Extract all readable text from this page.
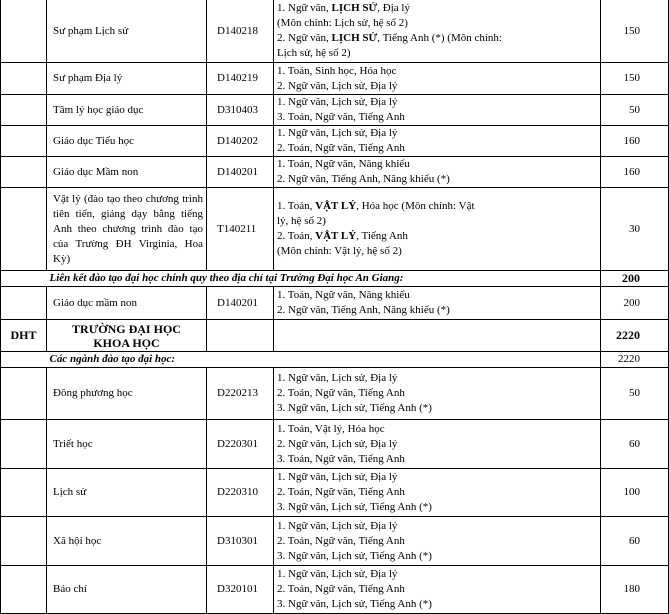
	Sư phạm Lịch sử	D140218	1. Ngữ văn, LỊCH SỬ, Địa lý
(Môn chính: Lịch sử, hệ số 2)
2. Ngữ văn, LỊCH SỬ, Tiếng Anh (*) (Môn chính:
Lịch sử, hệ số 2)	150
	Sư phạm Địa lý	D140219	1. Toán, Sinh học, Hóa học
2. Ngữ văn, Lịch sử, Địa lý	150
	Tâm lý học giáo dục	D310403	1. Ngữ văn, Lịch sử, Địa lý
3. Toán, Ngữ văn, Tiếng Anh	50
	Giáo dục Tiểu học	D140202	1. Ngữ văn, Lịch sử, Địa lý
2. Toán, Ngữ văn, Tiếng Anh	160
	Giáo dục Mầm non	D140201	1. Toán, Ngữ văn, Năng khiếu
2. Ngữ văn, Tiếng Anh, Năng khiếu (*)	160
	Vật lý (đào tạo theo chương trình tiên tiến, giảng dạy bằng tiếng Anh theo chương trình đào tạo của Trường ĐH Virginia, Hoa Kỳ)	T140211	1. Toán, VẬT LÝ, Hóa học (Môn chính: Vật
lý, hệ số 2)
2. Toán, VẬT LÝ, Tiếng Anh
(Môn chính: Vật lý, hệ số 2)	30
	Liên kết đào tạo đại học chính quy theo địa chỉ tại Trường Đại học An Giang:			200
	Giáo dục mầm non	D140201	1. Toán, Ngữ văn, Năng khiếu
2. Ngữ văn, Tiếng Anh, Năng khiếu (*)	200
DHT	TRƯỜNG ĐẠI HỌC
KHOA HỌC			2220
	Các ngành đào tạo đại học:			2220
	Đông phương học	D220213	1. Ngữ văn, Lịch sử, Địa lý
2. Toán, Ngữ văn, Tiếng Anh
3. Ngữ văn, Lịch sử, Tiếng Anh (*)	50
	Triết học	D220301	1. Toán, Vật lý, Hóa học
2. Ngữ văn, Lịch sử, Địa lý
3. Toán, Ngữ văn, Tiếng Anh	60
	Lịch sử	D220310	1. Ngữ văn, Lịch sử, Địa lý
2. Toán, Ngữ văn, Tiếng Anh
3. Ngữ văn, Lịch sử, Tiếng Anh (*)	100
	Xã hội học	D310301	1. Ngữ văn, Lịch sử, Địa lý
2. Toán, Ngữ văn, Tiếng Anh
3. Ngữ văn, Lịch sử, Tiếng Anh (*)	60
	Báo chí	D320101	1. Ngữ văn, Lịch sử, Địa lý
2. Toán, Ngữ văn, Tiếng Anh
3. Ngữ văn, Lịch sử, Tiếng Anh (*)	180
